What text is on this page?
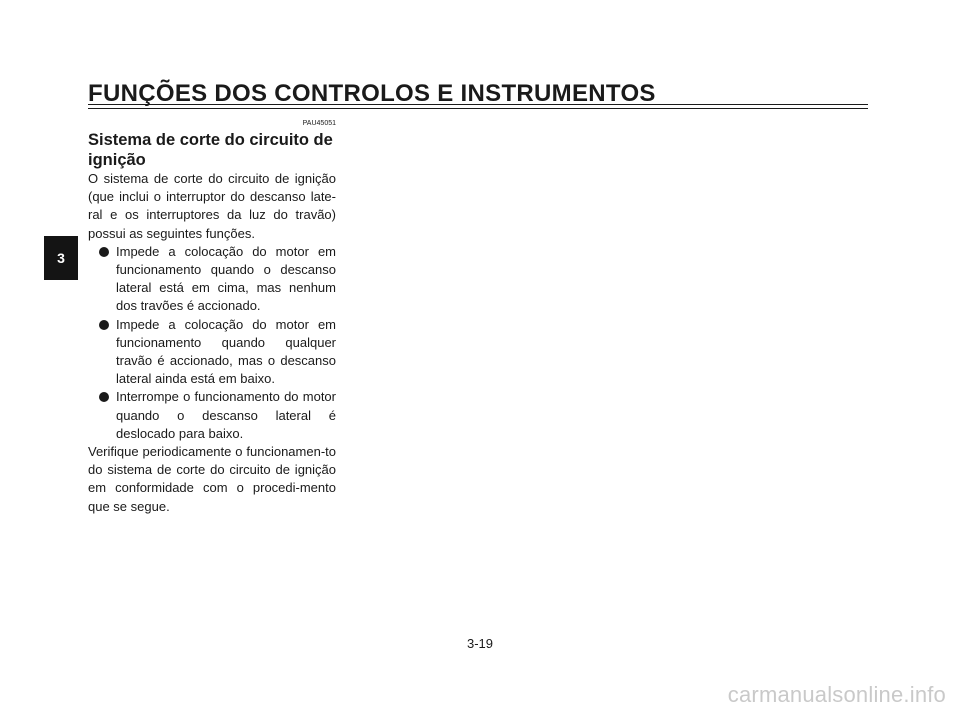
FUNÇÕES DOS CONTROLOS E INSTRUMENTOS
3
PAU45051
Sistema de corte do circuito de ignição

O sistema de corte do circuito de ignição (que inclui o interruptor do descanso late-ral e os interruptores da luz do travão) possui as seguintes funções.

Impede a colocação do motor em funcionamento quando o descanso lateral está em cima, mas nenhum dos travões é accionado.
Impede a colocação do motor em funcionamento quando qualquer travão é accionado, mas o descanso lateral ainda está em baixo.
Interrompe o funcionamento do motor quando o descanso lateral é deslocado para baixo.

Verifique periodicamente o funcionamen-to do sistema de corte do circuito de ignição em conformidade com o procedi-mento que se segue.

3-19
carmanualsonline.info
